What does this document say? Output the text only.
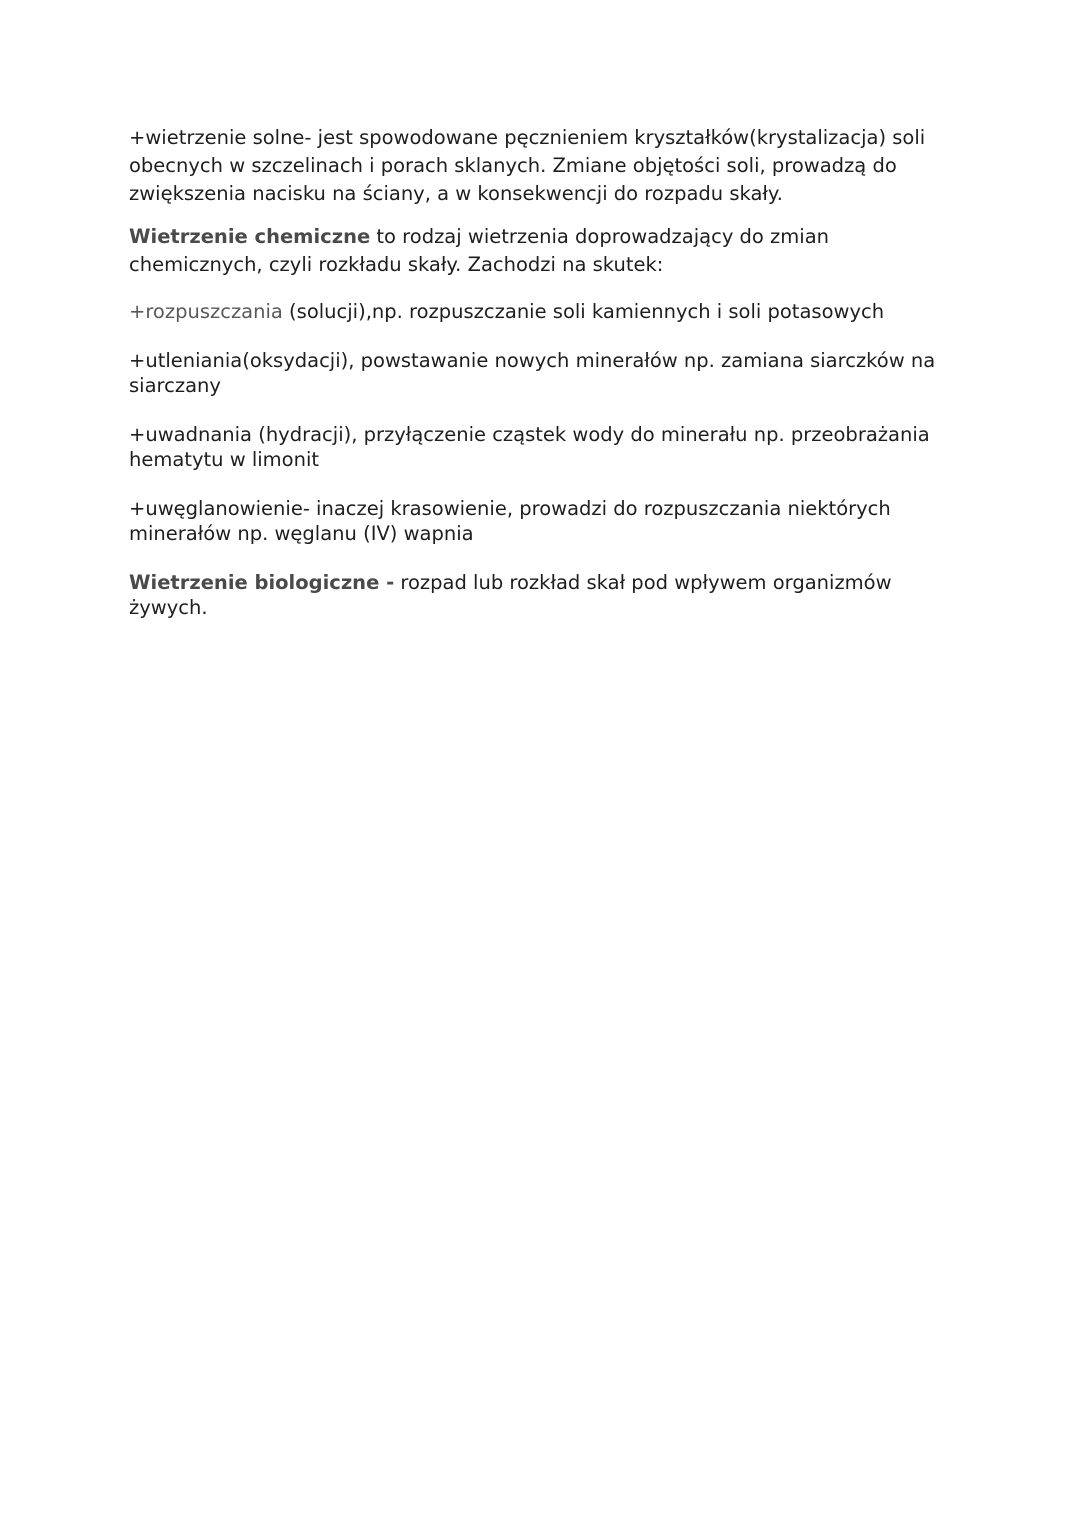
+wietrzenie solne- jest spowodowane pęcznieniem kryształków(krystalizacja) soli obecnych w szczelinach i porach sklanych. Zmiane objętości soli, prowadzą do zwiększenia nacisku na ściany, a w konsekwencji do rozpadu skały.

Wietrzenie chemiczne to rodzaj wietrzenia doprowadzający do zmian chemicznych, czyli rozkładu skały. Zachodzi na skutek:

+rozpuszczania (solucji),np. rozpuszczanie soli kamiennych i soli potasowych

+utleniania(oksydacji), powstawanie nowych minerałów np. zamiana siarczków na siarczany

+uwadnania (hydracji), przyłączenie cząstek wody do minerału np. przeobrażania hematytu w limonit

+uwęglanowienie- inaczej krasowienie, prowadzi do rozpuszczania niektórych minerałów np. węglanu (IV) wapnia

Wietrzenie biologiczne - rozpad lub rozkład skał pod wpływem organizmów żywych.
